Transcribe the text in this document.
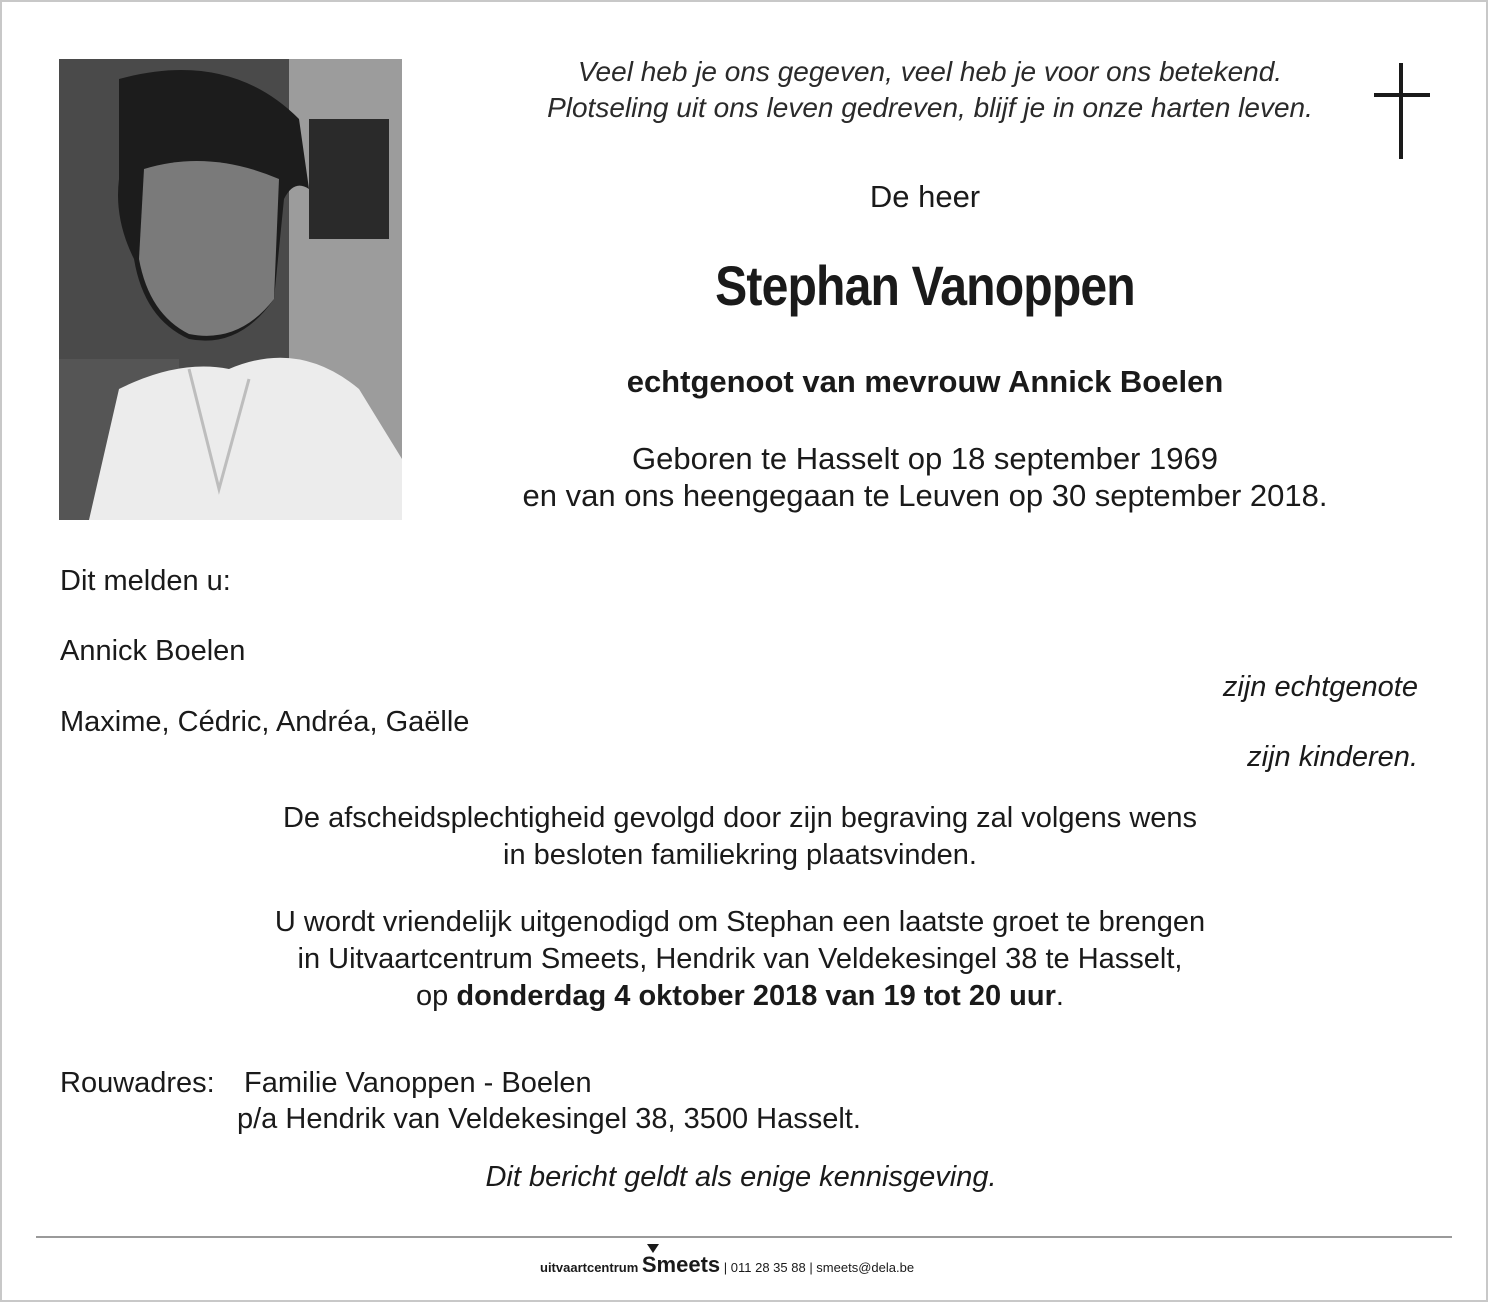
Veel heb je ons gegeven, veel heb je voor ons betekend.
Plotseling uit ons leven gedreven, blijf je in onze harten leven.
De heer
Stephan Vanoppen
echtgenoot van mevrouw Annick Boelen
Geboren te Hasselt op 18 september 1969
en van ons heengegaan te Leuven op 30 september 2018.
Dit melden u:
Annick Boelen
zijn echtgenote
Maxime, Cédric, Andréa, Gaëlle
zijn kinderen.
De afscheidsplechtigheid gevolgd door zijn begraving zal volgens wens
in besloten familiekring plaatsvinden.
U wordt vriendelijk uitgenodigd om Stephan een laatste groet te brengen
in Uitvaartcentrum Smeets, Hendrik van Veldekesingel 38 te Hasselt,
op donderdag 4 oktober 2018 van 19 tot 20 uur.
Rouwadres: Familie Vanoppen - Boelen
p/a Hendrik van Veldekesingel 38, 3500 Hasselt.
Dit bericht geldt als enige kennisgeving.
uitvaartcentrum Smeets | 011 28 35 88 | smeets@dela.be
